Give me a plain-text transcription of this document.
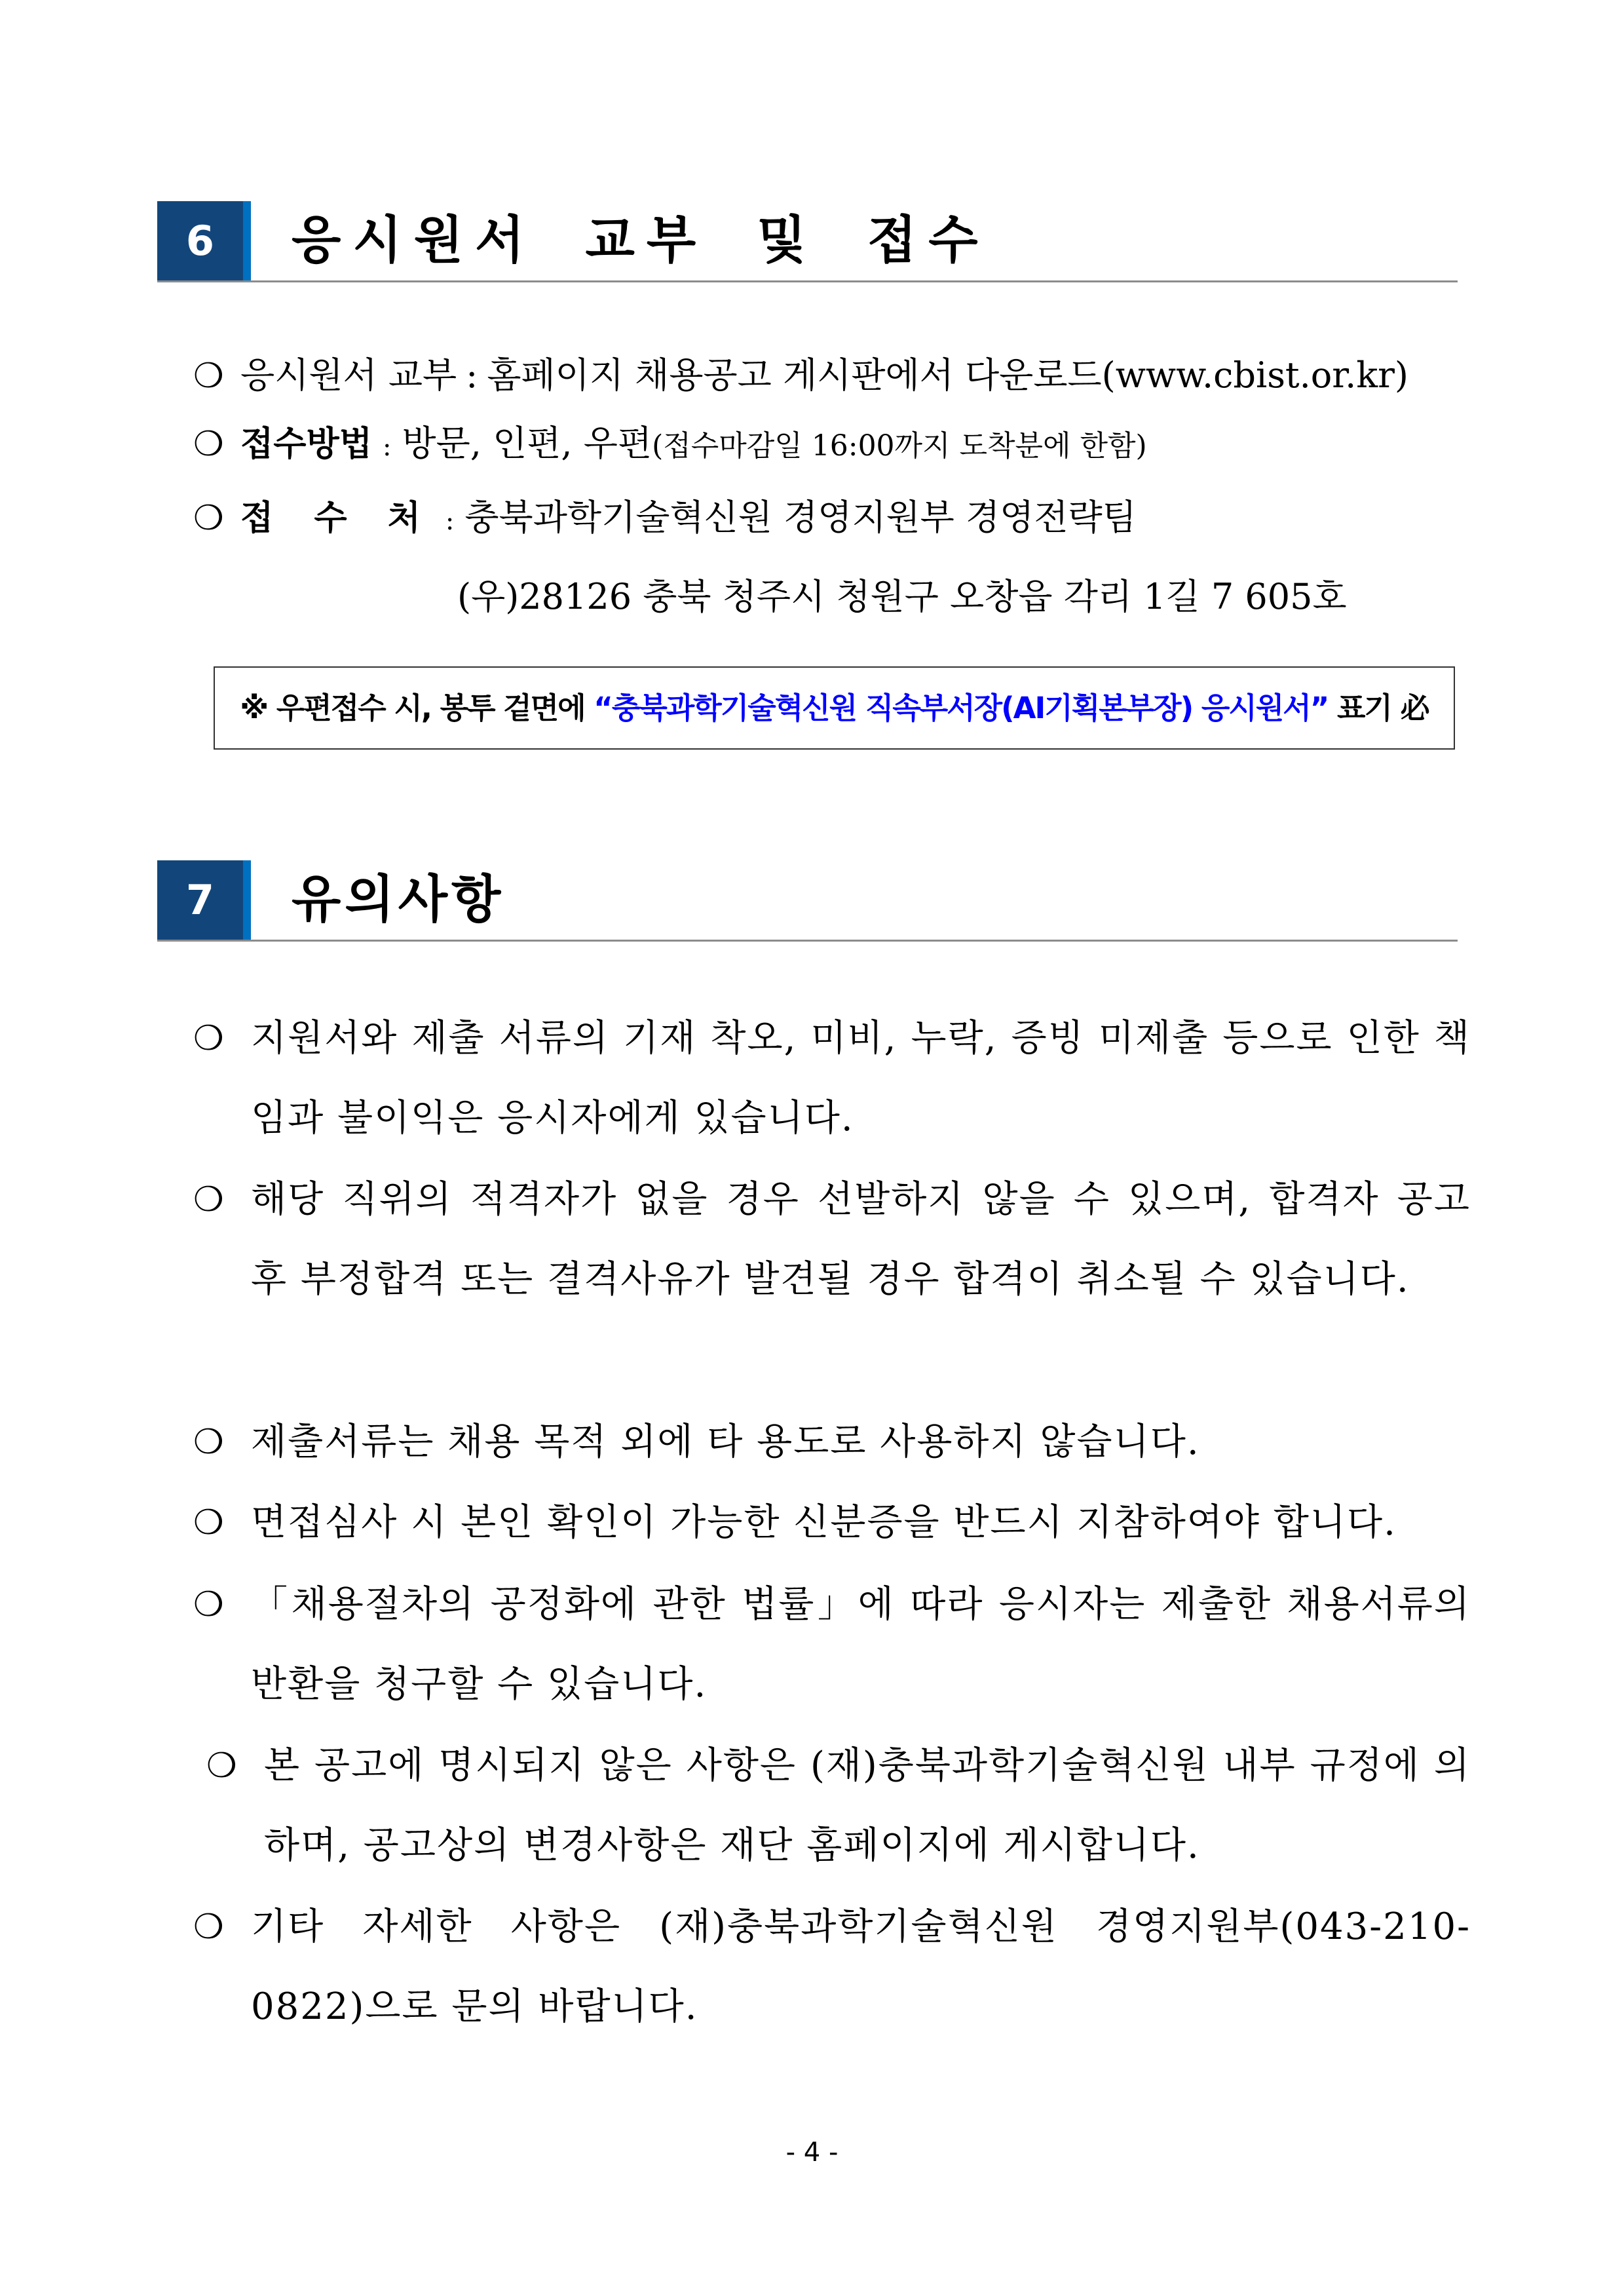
6	응시원서 교부 및 접수
❍ 응시원서 교부 : 홈페이지 채용공고 게시판에서 다운로드(www.cbist.or.kr)
❍ 접수방법 : 방문, 인편, 우편(접수마감일 16:00까지 도착분에 한함)
❍ 접 수 처 : 충북과학기술혁신원 경영지원부 경영전략팀
(우)28126 충북 청주시 청원구 오창읍 각리 1길 7 605호
※ 우편접수 시, 봉투 겉면에 “충북과학기술혁신원 직속부서장(AI기획본부장) 응시원서” 표기 必
7	유의사항
❍ 지원서와 제출 서류의 기재 착오, 미비, 누락, 증빙 미제출 등으로 인한 책임과 불이익은 응시자에게 있습니다.
❍ 해당 직위의 적격자가 없을 경우 선발하지 않을 수 있으며, 합격자 공고 후 부정합격 또는 결격사유가 발견될 경우 합격이 취소될 수 있습니다.
❍ 제출서류는 채용 목적 외에 타 용도로 사용하지 않습니다.
❍ 면접심사 시 본인 확인이 가능한 신분증을 반드시 지참하여야 합니다.
❍ 「채용절차의 공정화에 관한 법률」에 따라 응시자는 제출한 채용서류의 반환을 청구할 수 있습니다.
❍ 본 공고에 명시되지 않은 사항은 (재)충북과학기술혁신원 내부 규정에 의하며, 공고상의 변경사항은 재단 홈페이지에 게시합니다.
❍ 기타 자세한 사항은 (재)충북과학기술혁신원 경영지원부(043-210-0822)으로 문의 바랍니다.
- 4 -
